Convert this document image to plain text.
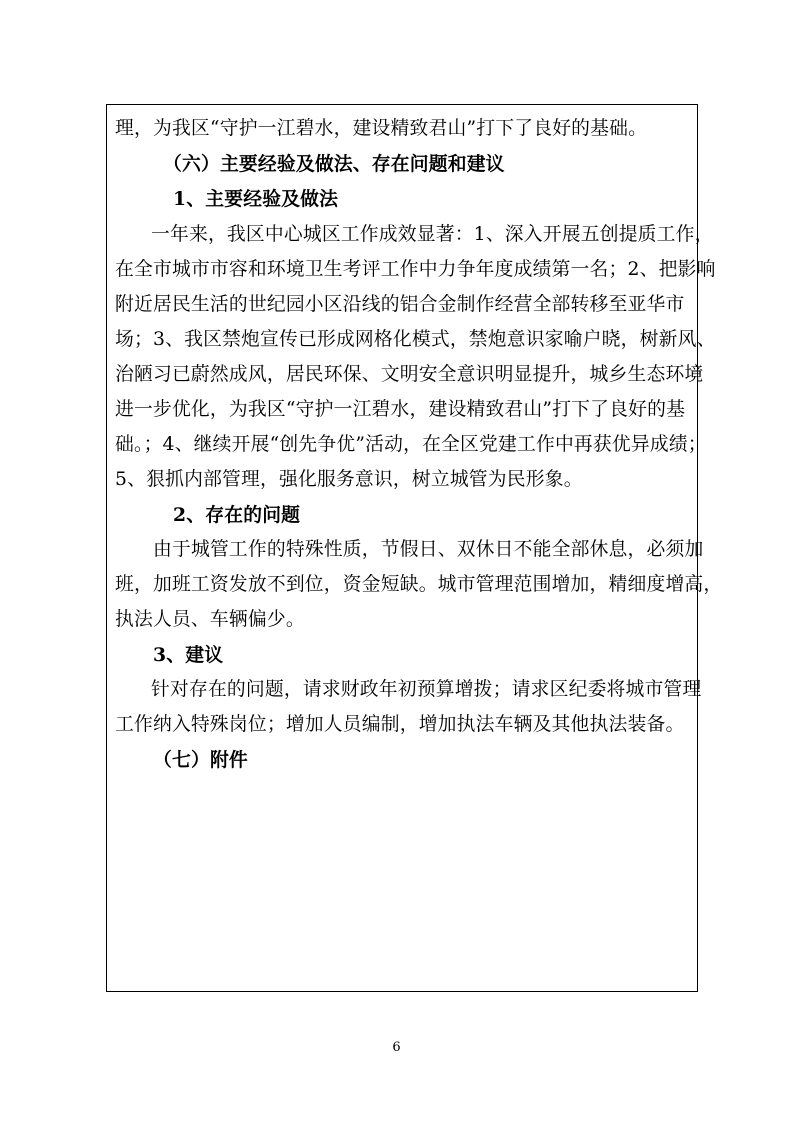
理，为我区“守护一江碧水，建设精致君山”打下了良好的基础。
（六）主要经验及做法、存在问题和建议
1、主要经验及做法
一年来，我区中心城区工作成效显著：1、深入开展五创提质工作，
在全市城市市容和环境卫生考评工作中力争年度成绩第一名；2、把影响
附近居民生活的世纪园小区沿线的铝合金制作经营全部转移至亚华市
场；3、我区禁炮宣传已形成网格化模式，禁炮意识家喻户晓，树新风、
治陋习已蔚然成风，居民环保、文明安全意识明显提升，城乡生态环境
进一步优化，为我区“守护一江碧水，建设精致君山”打下了良好的基
础。；4、继续开展“创先争优”活动，在全区党建工作中再获优异成绩；
5、狠抓内部管理，强化服务意识，树立城管为民形象。
2、存在的问题
由于城管工作的特殊性质，节假日、双休日不能全部休息，必须加
班，加班工资发放不到位，资金短缺。城市管理范围增加，精细度增高，
执法人员、车辆偏少。
3、建议
针对存在的问题，请求财政年初预算增拨；请求区纪委将城市管理
工作纳入特殊岗位；增加人员编制，增加执法车辆及其他执法装备。
（七）附件
6
